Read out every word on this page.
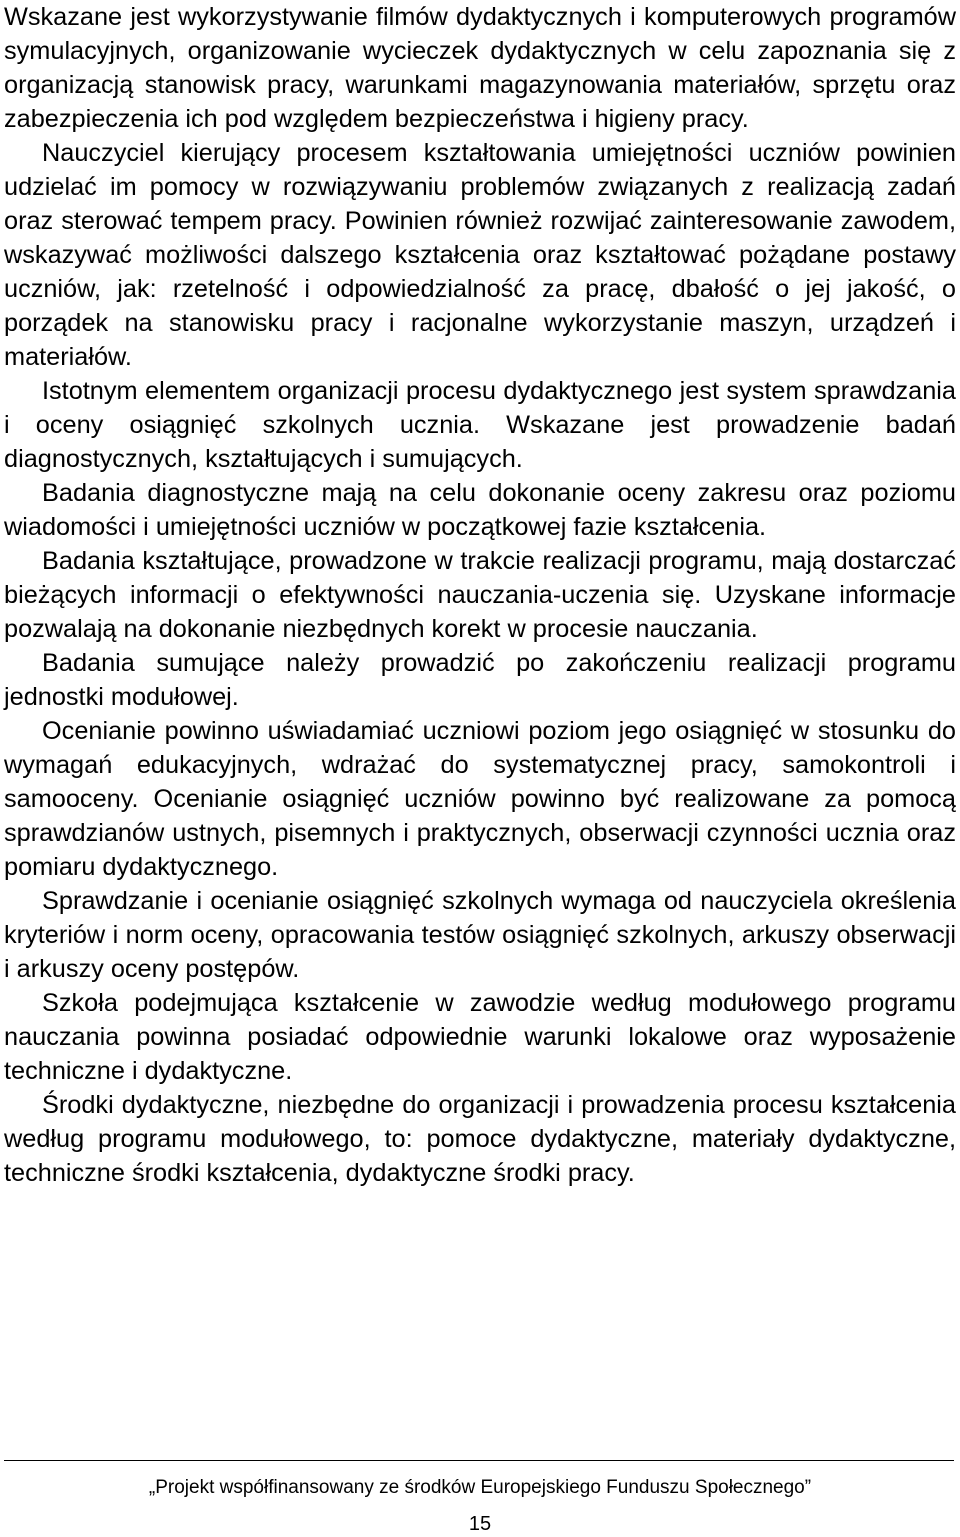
Wskazane jest wykorzystywanie filmów dydaktycznych i komputerowych programów symulacyjnych, organizowanie wycieczek dydaktycznych w celu zapoznania się z organizacją stanowisk pracy, warunkami magazynowania materiałów, sprzętu oraz zabezpieczenia ich pod względem bezpieczeństwa i higieny pracy.

Nauczyciel kierujący procesem kształtowania umiejętności uczniów powinien udzielać im pomocy w rozwiązywaniu problemów związanych z realizacją zadań oraz sterować tempem pracy. Powinien również rozwijać zainteresowanie zawodem, wskazywać możliwości dalszego kształcenia oraz kształtować pożądane postawy uczniów, jak: rzetelność i odpowiedzialność za pracę, dbałość o jej jakość, o porządek na stanowisku pracy i racjonalne wykorzystanie maszyn, urządzeń i materiałów.

Istotnym elementem organizacji procesu dydaktycznego jest system sprawdzania i oceny osiągnięć szkolnych ucznia. Wskazane jest prowadzenie badań diagnostycznych, kształtujących i sumujących.

Badania diagnostyczne mają na celu dokonanie oceny zakresu oraz poziomu wiadomości i umiejętności uczniów w początkowej fazie kształcenia.

Badania kształtujące, prowadzone w trakcie realizacji programu, mają dostarczać bieżących informacji o efektywności nauczania-uczenia się. Uzyskane informacje pozwalają na dokonanie niezbędnych korekt w procesie nauczania.

Badania sumujące należy prowadzić po zakończeniu realizacji programu jednostki modułowej.

Ocenianie powinno uświadamiać uczniowi poziom jego osiągnięć w stosunku do wymagań edukacyjnych, wdrażać do systematycznej pracy, samokontroli i samooceny. Ocenianie osiągnięć uczniów powinno być realizowane za pomocą sprawdzianów ustnych, pisemnych i praktycznych, obserwacji czynności ucznia oraz pomiaru dydaktycznego.

Sprawdzanie i ocenianie osiągnięć szkolnych wymaga od nauczyciela określenia kryteriów i norm oceny, opracowania testów osiągnięć szkolnych, arkuszy obserwacji i arkuszy oceny postępów.

Szkoła podejmująca kształcenie w zawodzie według modułowego programu nauczania powinna posiadać odpowiednie warunki lokalowe oraz wyposażenie techniczne i dydaktyczne.

Środki dydaktyczne, niezbędne do organizacji i prowadzenia procesu kształcenia według programu modułowego, to: pomoce dydaktyczne, materiały dydaktyczne, techniczne środki kształcenia, dydaktyczne środki pracy.

„Projekt współfinansowany ze środków Europejskiego Funduszu Społecznego”
15
